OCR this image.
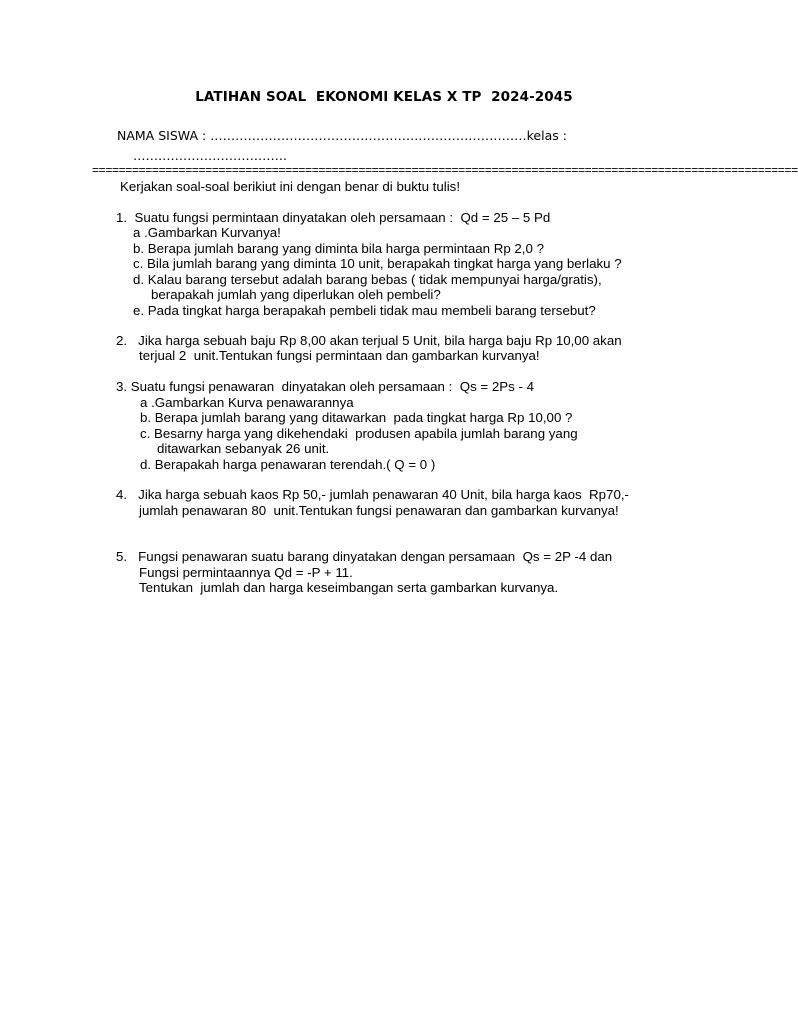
LATIHAN SOAL  EKONOMI KELAS X TP  2024-2045
NAMA SISWA : ………………………………………….………………………kelas :
……………………………….
==========================================================================================================
Kerjakan soal-soal berikiut ini dengan benar di buktu tulis!
1.  Suatu fungsi permintaan dinyatakan oleh persamaan :  Qd = 25 – 5 Pd
a .Gambarkan Kurvanya!
b. Berapa jumlah barang yang diminta bila harga permintaan Rp 2,0 ?
c. Bila jumlah barang yang diminta 10 unit, berapakah tingkat harga yang berlaku ?
d. Kalau barang tersebut adalah barang bebas ( tidak mempunyai harga/gratis),
berapakah jumlah yang diperlukan oleh pembeli?
e. Pada tingkat harga berapakah pembeli tidak mau membeli barang tersebut?
2.   Jika harga sebuah baju Rp 8,00 akan terjual 5 Unit, bila harga baju Rp 10,00 akan
terjual 2  unit.Tentukan fungsi permintaan dan gambarkan kurvanya!
3. Suatu fungsi penawaran  dinyatakan oleh persamaan :  Qs = 2Ps - 4
a .Gambarkan Kurva penawarannya
b. Berapa jumlah barang yang ditawarkan  pada tingkat harga Rp 10,00 ?
c. Besarny harga yang dikehendaki  produsen apabila jumlah barang yang
ditawarkan sebanyak 26 unit.
d. Berapakah harga penawaran terendah.( Q = 0 )
4.   Jika harga sebuah kaos Rp 50,- jumlah penawaran 40 Unit, bila harga kaos  Rp70,-
jumlah penawaran 80  unit.Tentukan fungsi penawaran dan gambarkan kurvanya!
5.   Fungsi penawaran suatu barang dinyatakan dengan persamaan  Qs = 2P -4 dan
Fungsi permintaannya Qd = -P + 11.
Tentukan  jumlah dan harga keseimbangan serta gambarkan kurvanya.
